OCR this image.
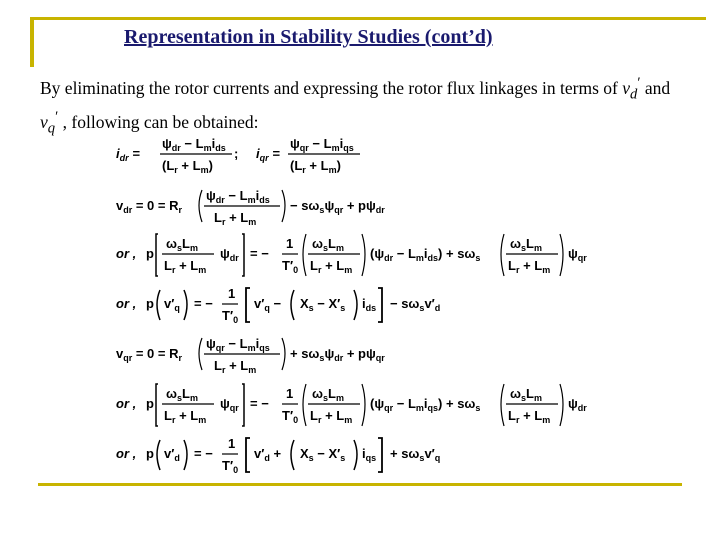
Representation in Stability Studies (cont’d)
By eliminating the rotor currents and expressing the rotor flux linkages in terms of $v_d'$ and $v_q'$ , following can be obtained:
$i_{dr}$ =
$\psi_{dr} - L_mi_{ds}$
$(L_r + L_m)$
; $i_{qr}$ =
$\psi_{qr} - L_mi_{qs}$
$(L_r + L_m)$
$v_{dr} = 0 = R_r$
$\psi_{dr} - L_mi_{ds}$
$L_r + L_m$
− $s\omega_s\psi_{qr} + p\psi_{dr}$
or , p
$\omega_sL_m$
$L_r + L_m$
$\psi_{dr}$ = −
1
$T'_0$
$\omega_sL_m$
$L_r + L_m$
$(\psi_{dr} - L_mi_{ds}) + s\omega_s$
$\omega_sL_m$
$L_r + L_m$
$\psi_{qr}$
or , p $v'_q$ = −
1
$T'_0$
$v'_q - X_s - X'_s$ $i_{ds} - s\omega_sv'_d$
$v_{qr} = 0 = R_r$
$\psi_{qr} - L_mi_{qs}$
$L_r + L_m$
+ $s\omega_s\psi_{dr} + p\psi_{qr}$
or , p
$\omega_sL_m$
$L_r + L_m$
$\psi_{qr}$ = −
1
$T'_0$
$\omega_sL_m$
$L_r + L_m$
$(\psi_{qr} - L_mi_{qs}) + s\omega_s$
$\omega_sL_m$
$L_r + L_m$
$\psi_{dr}$
or , p $v'_d$ = −
1
$T'_0$
$v'_d + X_s - X'_s$ $i_{qs} + s\omega_sv'_q$
